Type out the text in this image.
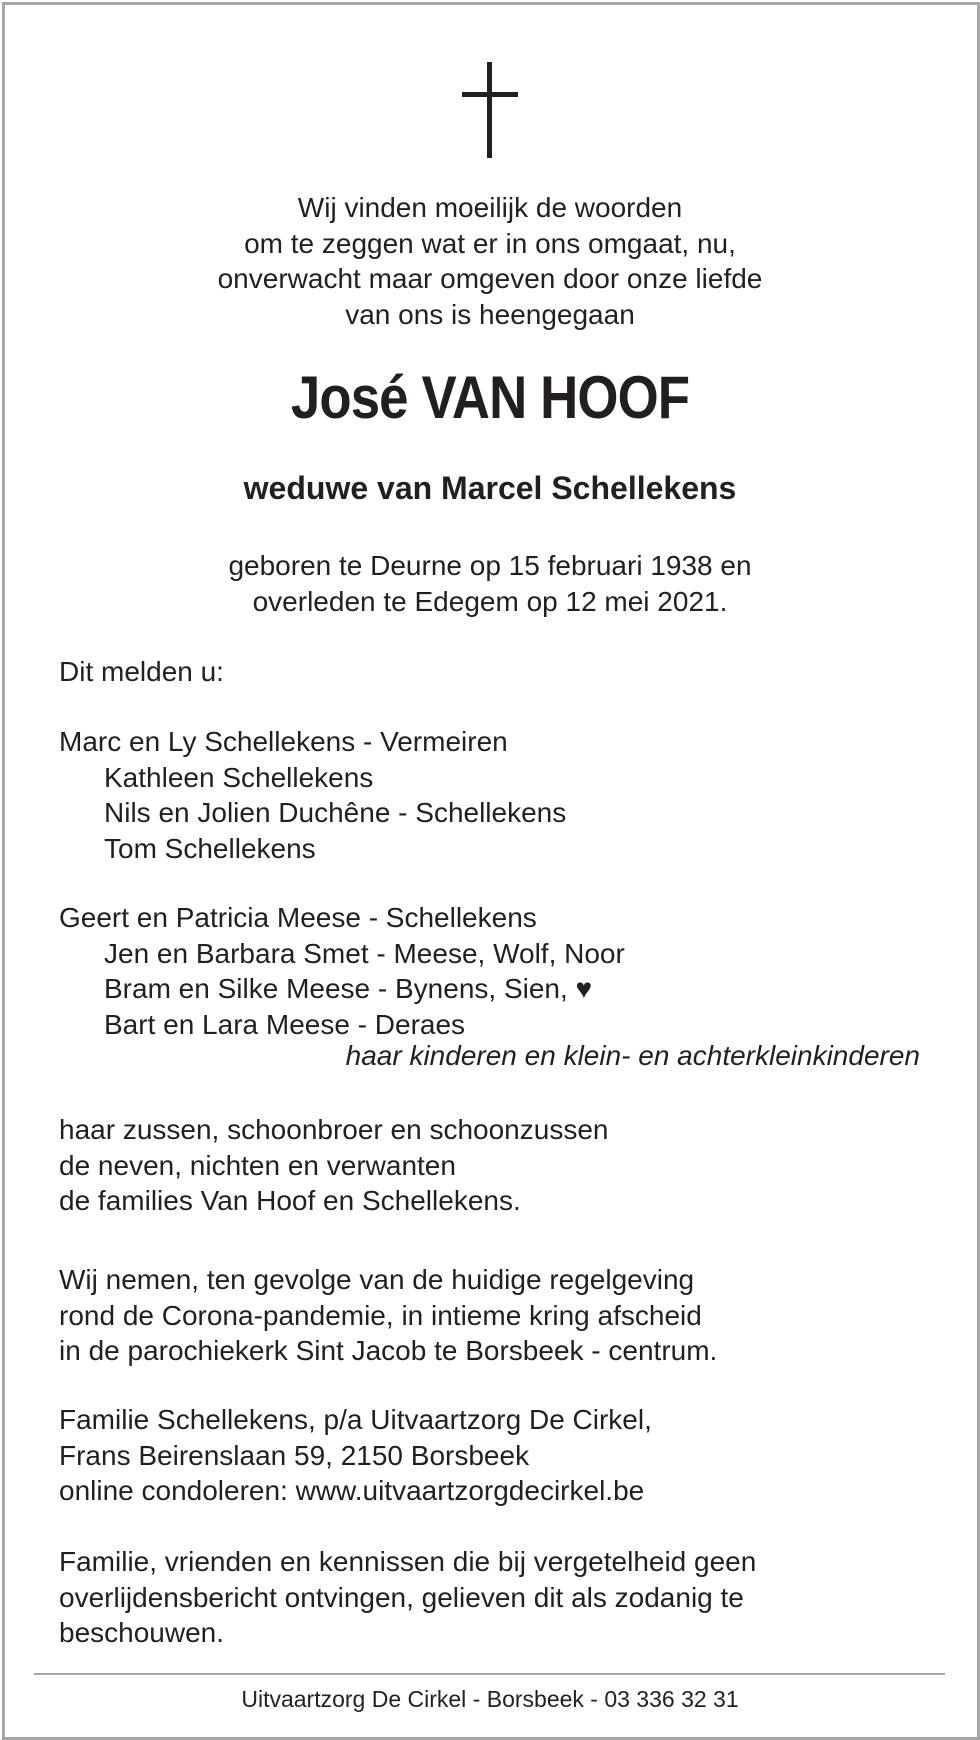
Wij vinden moeilijk de woorden
om te zeggen wat er in ons omgaat, nu,
onverwacht maar omgeven door onze liefde
van ons is heengegaan
José VAN HOOF
weduwe van Marcel Schellekens
geboren te Deurne op 15 februari 1938 en
overleden te Edegem op 12 mei 2021.
Dit melden u:
Marc en Ly Schellekens - Vermeiren
Kathleen Schellekens
Nils en Jolien Duchêne - Schellekens
Tom Schellekens
Geert en Patricia Meese - Schellekens
Jen en Barbara Smet - Meese, Wolf, Noor
Bram en Silke Meese - Bynens, Sien, ♥
Bart en Lara Meese - Deraes
haar kinderen en klein- en achterkleinkinderen
haar zussen, schoonbroer en schoonzussen
de neven, nichten en verwanten
de families Van Hoof en Schellekens.
Wij nemen, ten gevolge van de huidige regelgeving
rond de Corona-pandemie, in intieme kring afscheid
in de parochiekerk Sint Jacob te Borsbeek - centrum.
Familie Schellekens, p/a Uitvaartzorg De Cirkel,
Frans Beirenslaan 59, 2150 Borsbeek
online condoleren: www.uitvaartzorgdecirkel.be
Familie, vrienden en kennissen die bij vergetelheid geen
overlijdensbericht ontvingen, gelieven dit als zodanig te
beschouwen.
Uitvaartzorg De Cirkel - Borsbeek - 03 336 32 31
